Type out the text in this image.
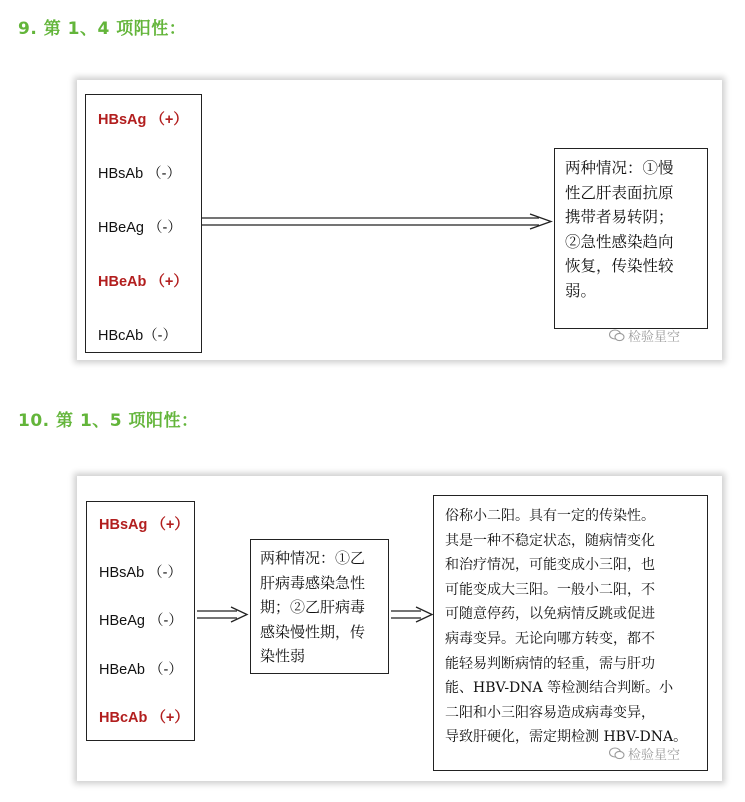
9. 第 1、4 项阳性：
HBsAg （+）
HBsAb （-）
HBeAg （-）
HBeAb （+）
HBcAb（-）
两种情况：①慢
性乙肝表面抗原
携带者易转阴；
②急性感染趋向
恢复，传染性较
弱。
检验星空
10. 第 1、5 项阳性：
HBsAg （+）
HBsAb （-）
HBeAg （-）
HBeAb （-）
HBcAb （+）
两种情况：①乙
肝病毒感染急性
期；②乙肝病毒
感染慢性期，传
染性弱
俗称小二阳。具有一定的传染性。
其是一种不稳定状态，随病情变化
和治疗情况，可能变成小三阳，也
可能变成大三阳。一般小二阳，不
可随意停药，以免病情反跳或促进
病毒变异。无论向哪方转变，都不
能轻易判断病情的轻重，需与肝功
能、HBV-DNA 等检测结合判断。小
二阳和小三阳容易造成病毒变异，
导致肝硬化，需定期检测 HBV-DNA。
检验星空
